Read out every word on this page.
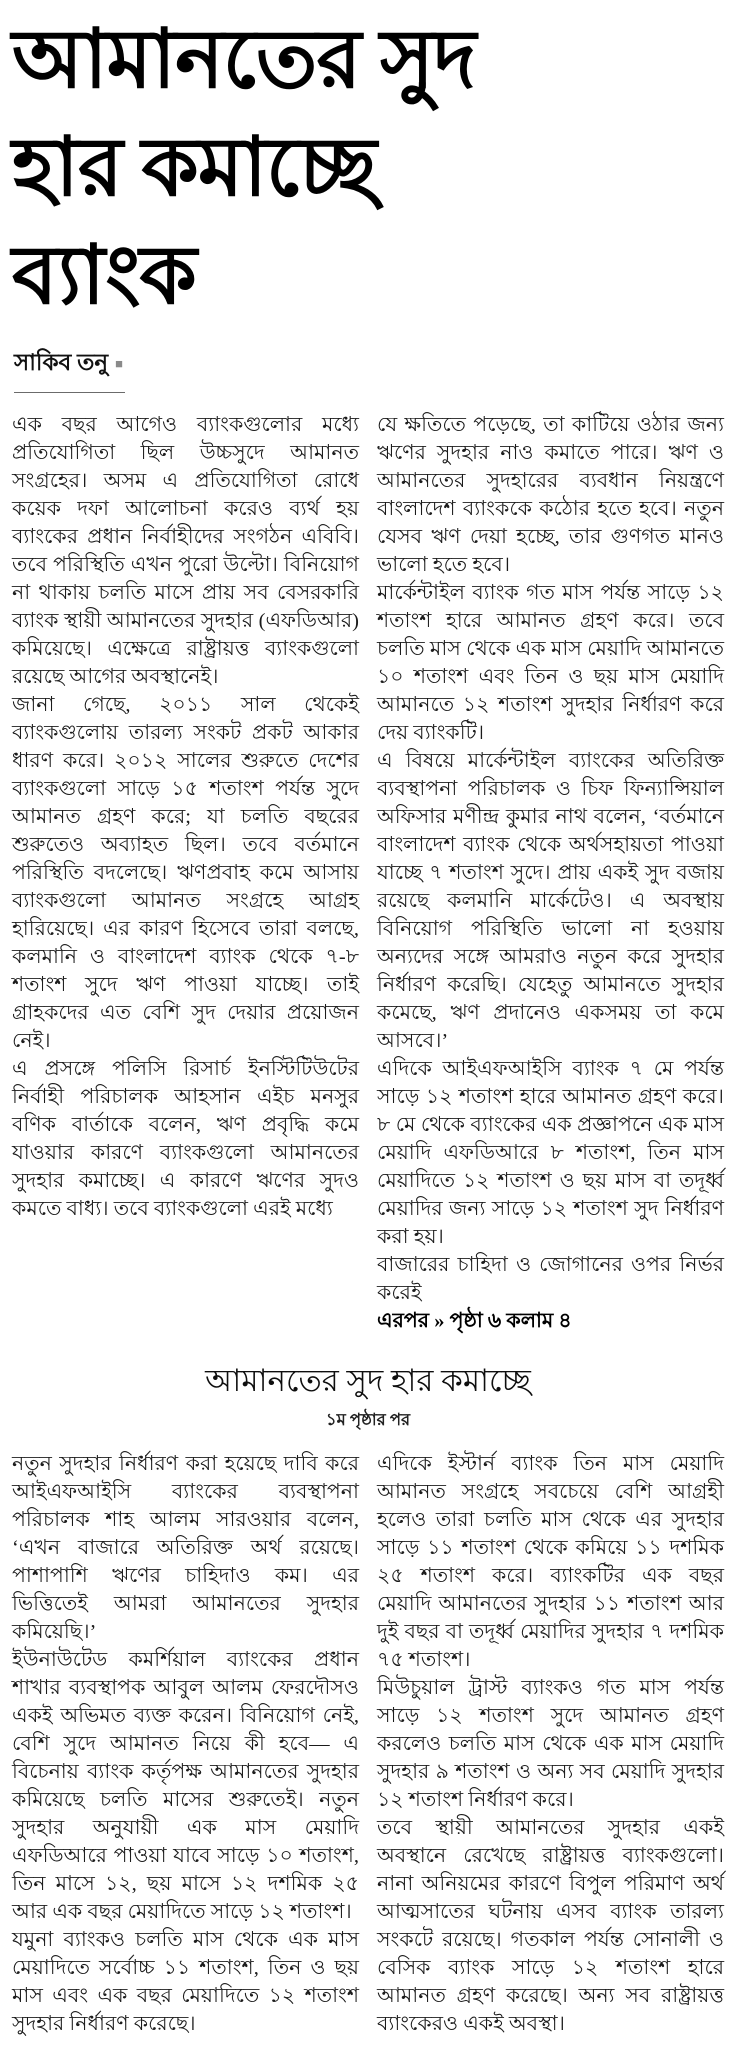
আমানতের সুদ
হার কমাচ্ছে
ব্যাংক
সাকিব তনু ■

এক বছর আগেও ব্যাংকগুলোর মধ্যে প্রতিযোগিতা ছিল উচ্চসুদে আমানত সংগ্রহের। অসম এ প্রতিযোগিতা রোধে কয়েক দফা আলোচনা করেও ব্যর্থ হয় ব্যাংকের প্রধান নির্বাহীদের সংগঠন এবিবি। তবে পরিস্থিতি এখন পুরো উল্টো। বিনিয়োগ না থাকায় চলতি মাসে প্রায় সব বেসরকারি ব্যাংক স্থায়ী আমানতের সুদহার (এফডিআর) কমিয়েছে। এক্ষেত্রে রাষ্ট্রায়ত্ত ব্যাংকগুলো রয়েছে আগের অবস্থানেই।

জানা গেছে, ২০১১ সাল থেকেই ব্যাংকগুলোয় তারল্য সংকট প্রকট আকার ধারণ করে। ২০১২ সালের শুরুতে দেশের ব্যাংকগুলো সাড়ে ১৫ শতাংশ পর্যন্ত সুদে আমানত গ্রহণ করে; যা চলতি বছরের শুরুতেও অব্যাহত ছিল। তবে বর্তমানে পরিস্থিতি বদলেছে। ঋণপ্রবাহ কমে আসায় ব্যাংকগুলো আমানত সংগ্রহে আগ্রহ হারিয়েছে। এর কারণ হিসেবে তারা বলছে, কলমানি ও বাংলাদেশ ব্যাংক থেকে ৭-৮ শতাংশ সুদে ঋণ পাওয়া যাচ্ছে। তাই গ্রাহকদের এত বেশি সুদ দেয়ার প্রয়োজন নেই।

এ প্রসঙ্গে পলিসি রিসার্চ ইনস্টিটিউটের নির্বাহী পরিচালক আহসান এইচ মনসুর বণিক বার্তাকে বলেন, ঋণ প্রবৃদ্ধি কমে যাওয়ার কারণে ব্যাংকগুলো আমানতের সুদহার কমাচ্ছে। এ কারণে ঋণের সুদও কমতে বাধ্য। তবে ব্যাংকগুলো এরই মধ্যে

যে ক্ষতিতে পড়েছে, তা কাটিয়ে ওঠার জন্য ঋণের সুদহার নাও কমাতে পারে। ঋণ ও আমানতের সুদহারের ব্যবধান নিয়ন্ত্রণে বাংলাদেশ ব্যাংককে কঠোর হতে হবে। নতুন যেসব ঋণ দেয়া হচ্ছে, তার গুণগত মানও ভালো হতে হবে।

মার্কেন্টাইল ব্যাংক গত মাস পর্যন্ত সাড়ে ১২ শতাংশ হারে আমানত গ্রহণ করে। তবে চলতি মাস থেকে এক মাস মেয়াদি আমানতে ১০ শতাংশ এবং তিন ও ছয় মাস মেয়াদি আমানতে ১২ শতাংশ সুদহার নির্ধারণ করে দেয় ব্যাংকটি।

এ বিষয়ে মার্কেন্টাইল ব্যাংকের অতিরিক্ত ব্যবস্থাপনা পরিচালক ও চিফ ফিন্যান্সিয়াল অফিসার মণীন্দ্র কুমার নাথ বলেন, ‘বর্তমানে বাংলাদেশ ব্যাংক থেকে অর্থসহায়তা পাওয়া যাচ্ছে ৭ শতাংশ সুদে। প্রায় একই সুদ বজায় রয়েছে কলমানি মার্কেটেও। এ অবস্থায় বিনিয়োগ পরিস্থিতি ভালো না হওয়ায় অন্যদের সঙ্গে আমরাও নতুন করে সুদহার নির্ধারণ করেছি। যেহেতু আমানতে সুদহার কমেছে, ঋণ প্রদানেও একসময় তা কমে আসবে।’

এদিকে আইএফআইসি ব্যাংক ৭ মে পর্যন্ত সাড়ে ১২ শতাংশ হারে আমানত গ্রহণ করে। ৮ মে থেকে ব্যাংকের এক প্রজ্ঞাপনে এক মাস মেয়াদি এফডিআরে ৮ শতাংশ, তিন মাস মেয়াদিতে ১২ শতাংশ ও ছয় মাস বা তদূর্ধ্ব মেয়াদির জন্য সাড়ে ১২ শতাংশ সুদ নির্ধারণ করা হয়।

বাজারের চাহিদা ও জোগানের ওপর নির্ভর করেই

এরপর » পৃষ্ঠা ৬ কলাম ৪

আমানতের সুদ হার কমাচ্ছে
১ম পৃষ্ঠার পর

নতুন সুদহার নির্ধারণ করা হয়েছে দাবি করে আইএফআইসি ব্যাংকের ব্যবস্থাপনা পরিচালক শাহ আলম সারওয়ার বলেন, ‘এখন বাজারে অতিরিক্ত অর্থ রয়েছে। পাশাপাশি ঋণের চাহিদাও কম। এর ভিত্তিতেই আমরা আমানতের সুদহার কমিয়েছি।’

ইউনাউটেড কমর্শিয়াল ব্যাংকের প্রধান শাখার ব্যবস্থাপক আবুল আলম ফেরদৌসও একই অভিমত ব্যক্ত করেন। বিনিয়োগ নেই, বেশি সুদে আমানত নিয়ে কী হবে— এ বিচেনায় ব্যাংক কর্তৃপক্ষ আমানতের সুদহার কমিয়েছে চলতি মাসের শুরুতেই। নতুন সুদহার অনুযায়ী এক মাস মেয়াদি এফডিআরে পাওয়া যাবে সাড়ে ১০ শতাংশ, তিন মাসে ১২, ছয় মাসে ১২ দশমিক ২৫ আর এক বছর মেয়াদিতে সাড়ে ১২ শতাংশ।

যমুনা ব্যাংকও চলতি মাস থেকে এক মাস মেয়াদিতে সর্বোচ্চ ১১ শতাংশ, তিন ও ছয় মাস এবং এক বছর মেয়াদিতে ১২ শতাংশ সুদহার নির্ধারণ করেছে।

এদিকে ইস্টার্ন ব্যাংক তিন মাস মেয়াদি আমানত সংগ্রহে সবচেয়ে বেশি আগ্রহী হলেও তারা চলতি মাস থেকে এর সুদহার সাড়ে ১১ শতাংশ থেকে কমিয়ে ১১ দশমিক ২৫ শতাংশ করে। ব্যাংকটির এক বছর মেয়াদি আমানতের সুদহার ১১ শতাংশ আর দুই বছর বা তদূর্ধ্ব মেয়াদির সুদহার ৭ দশমিক ৭৫ শতাংশ।

মিউচুয়াল ট্রাস্ট ব্যাংকও গত মাস পর্যন্ত সাড়ে ১২ শতাংশ সুদে আমানত গ্রহণ করলেও চলতি মাস থেকে এক মাস মেয়াদি সুদহার ৯ শতাংশ ও অন্য সব মেয়াদি সুদহার ১২ শতাংশ নির্ধারণ করে।

তবে স্থায়ী আমানতের সুদহার একই অবস্থানে রেখেছে রাষ্ট্রায়ত্ত ব্যাংকগুলো। নানা অনিয়মের কারণে বিপুল পরিমাণ অর্থ আত্মসাতের ঘটনায় এসব ব্যাংক তারল্য সংকটে রয়েছে। গতকাল পর্যন্ত সোনালী ও বেসিক ব্যাংক সাড়ে ১২ শতাংশ হারে আমানত গ্রহণ করেছে। অন্য সব রাষ্ট্রায়ত্ত ব্যাংকেরও একই অবস্থা।
